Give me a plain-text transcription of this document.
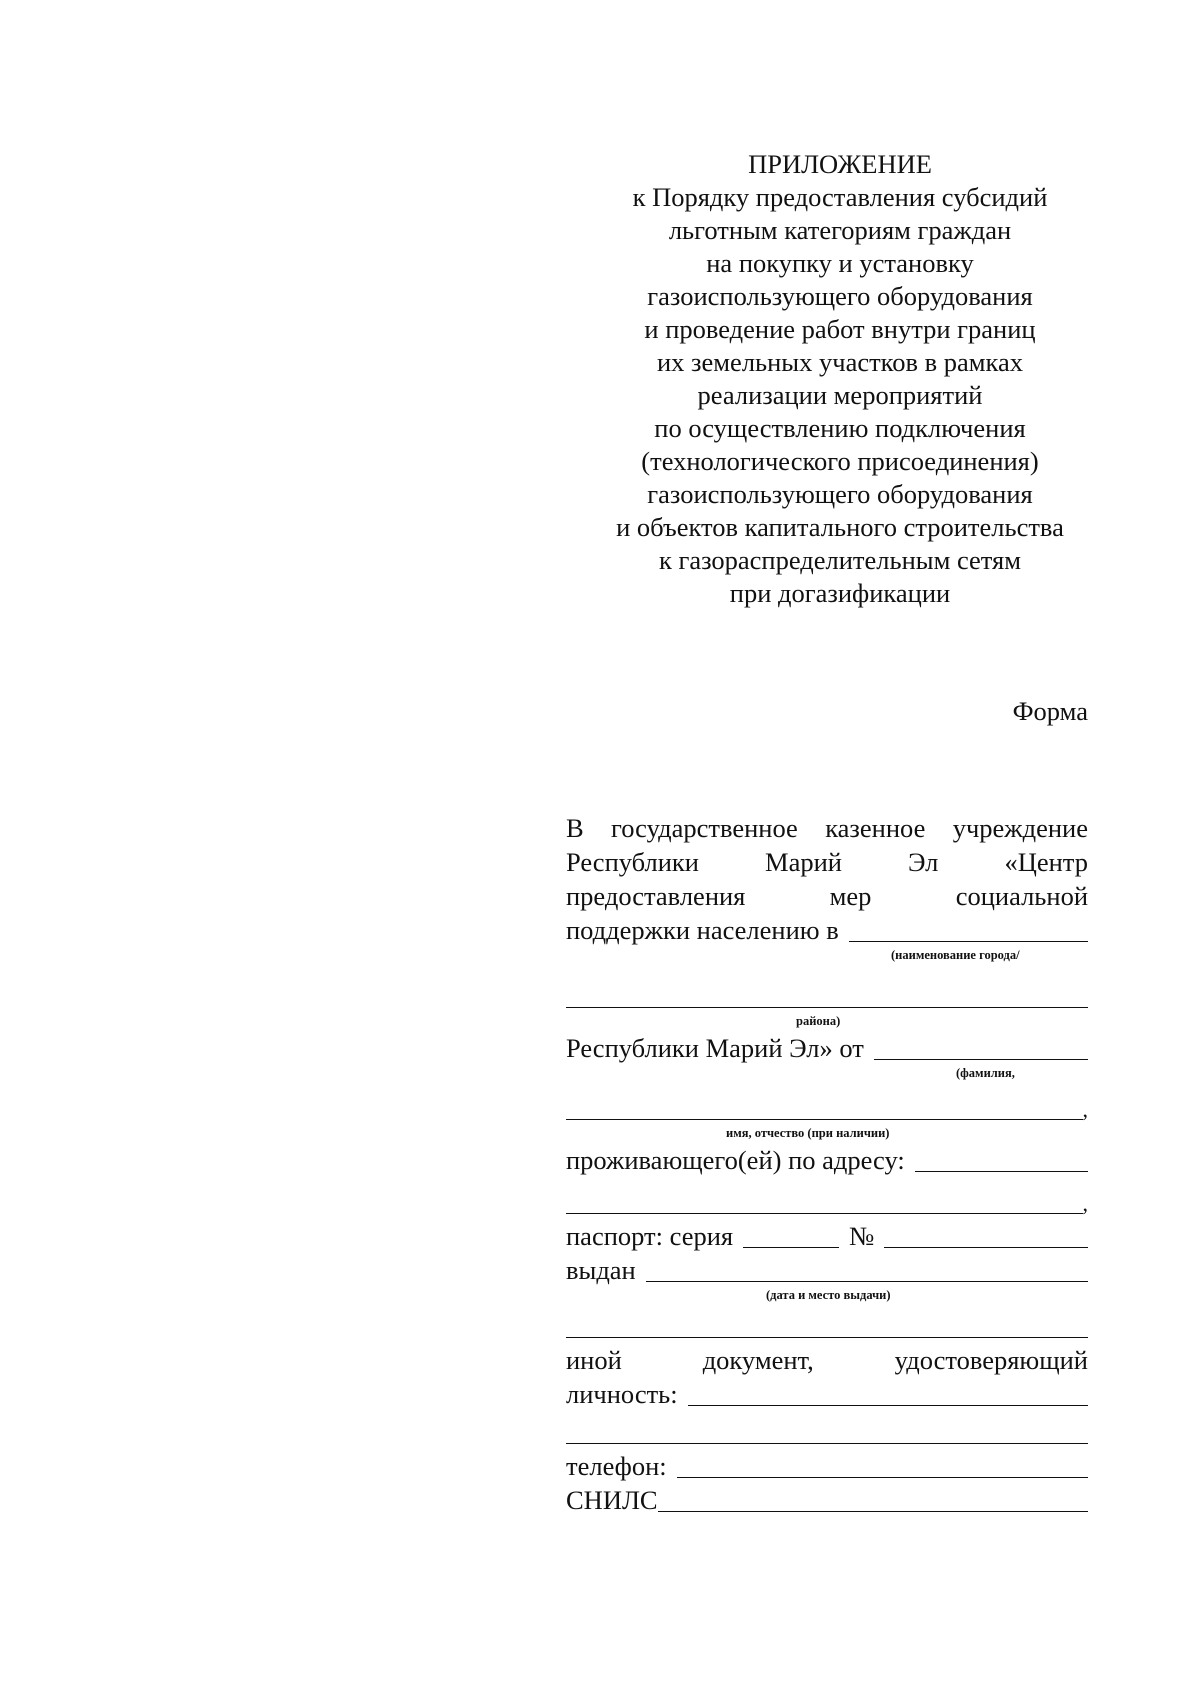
ПРИЛОЖЕНИЕ
к Порядку предоставления субсидий
льготным категориям граждан
на покупку и установку
газоиспользующего оборудования
и проведение работ внутри границ
их земельных участков в рамках
реализации мероприятий
по осуществлению подключения
(технологического присоединения)
газоиспользующего оборудования
и объектов капитального строительства
к газораспределительным сетям
при догазификации
Форма
В государственное казенное учреждение
Республики Марий Эл «Центр
предоставления	мер	социальной
поддержки населению в
(наименование города/
района)
Республики Марий Эл» от
(фамилия,
,
имя, отчество (при наличии)
проживающего(ей) по адресу:
,
паспорт: серия	№
выдан
(дата и место выдачи)
иной	документ,	удостоверяющий
личность:
телефон:
СНИЛС
